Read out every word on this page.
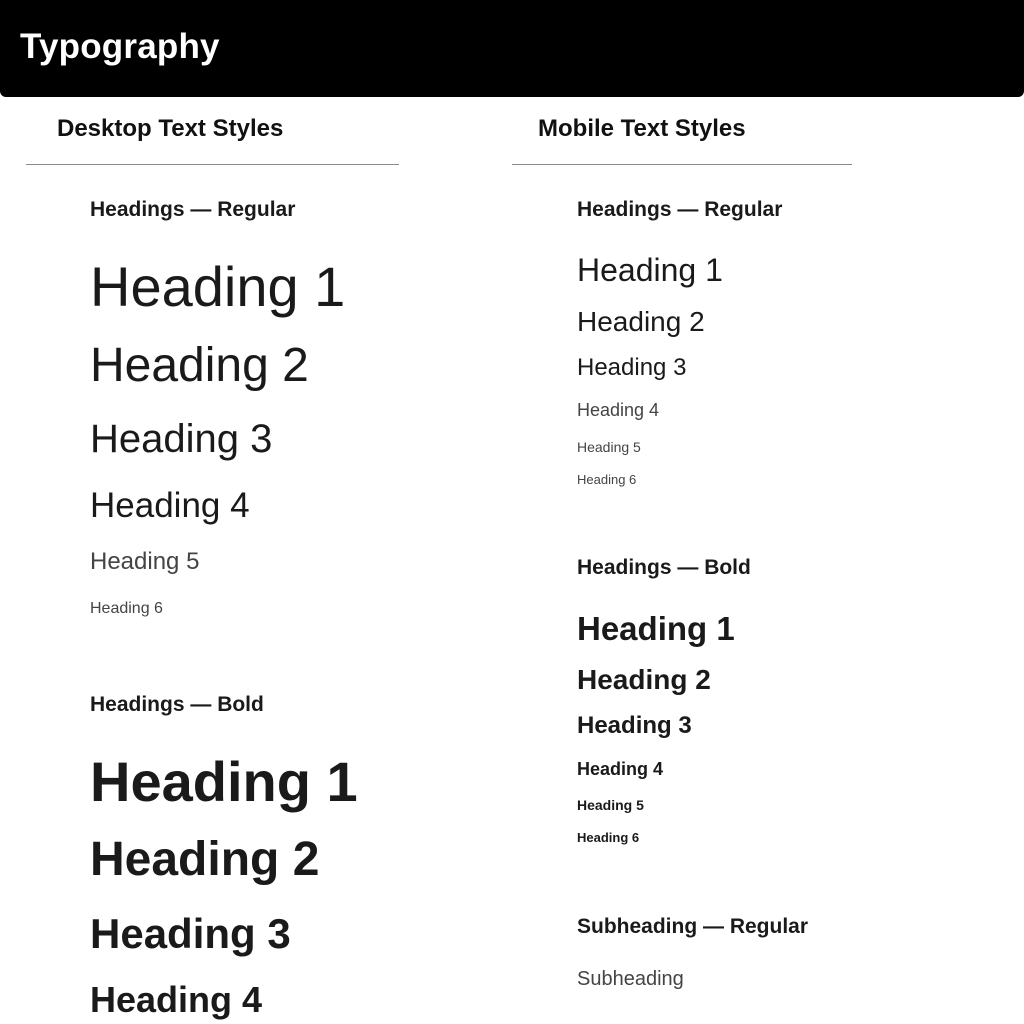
Typography
Desktop Text Styles
Headings — Regular
Heading 1
Heading 2
Heading 3
Heading 4
Heading 5
Heading 6
Headings — Bold
Heading 1
Heading 2
Heading 3
Heading 4
Mobile Text Styles
Headings — Regular
Heading 1
Heading 2
Heading 3
Heading 4
Heading 5
Heading 6
Headings — Bold
Heading 1
Heading 2
Heading 3
Heading 4
Heading 5
Heading 6
Subheading — Regular
Subheading
